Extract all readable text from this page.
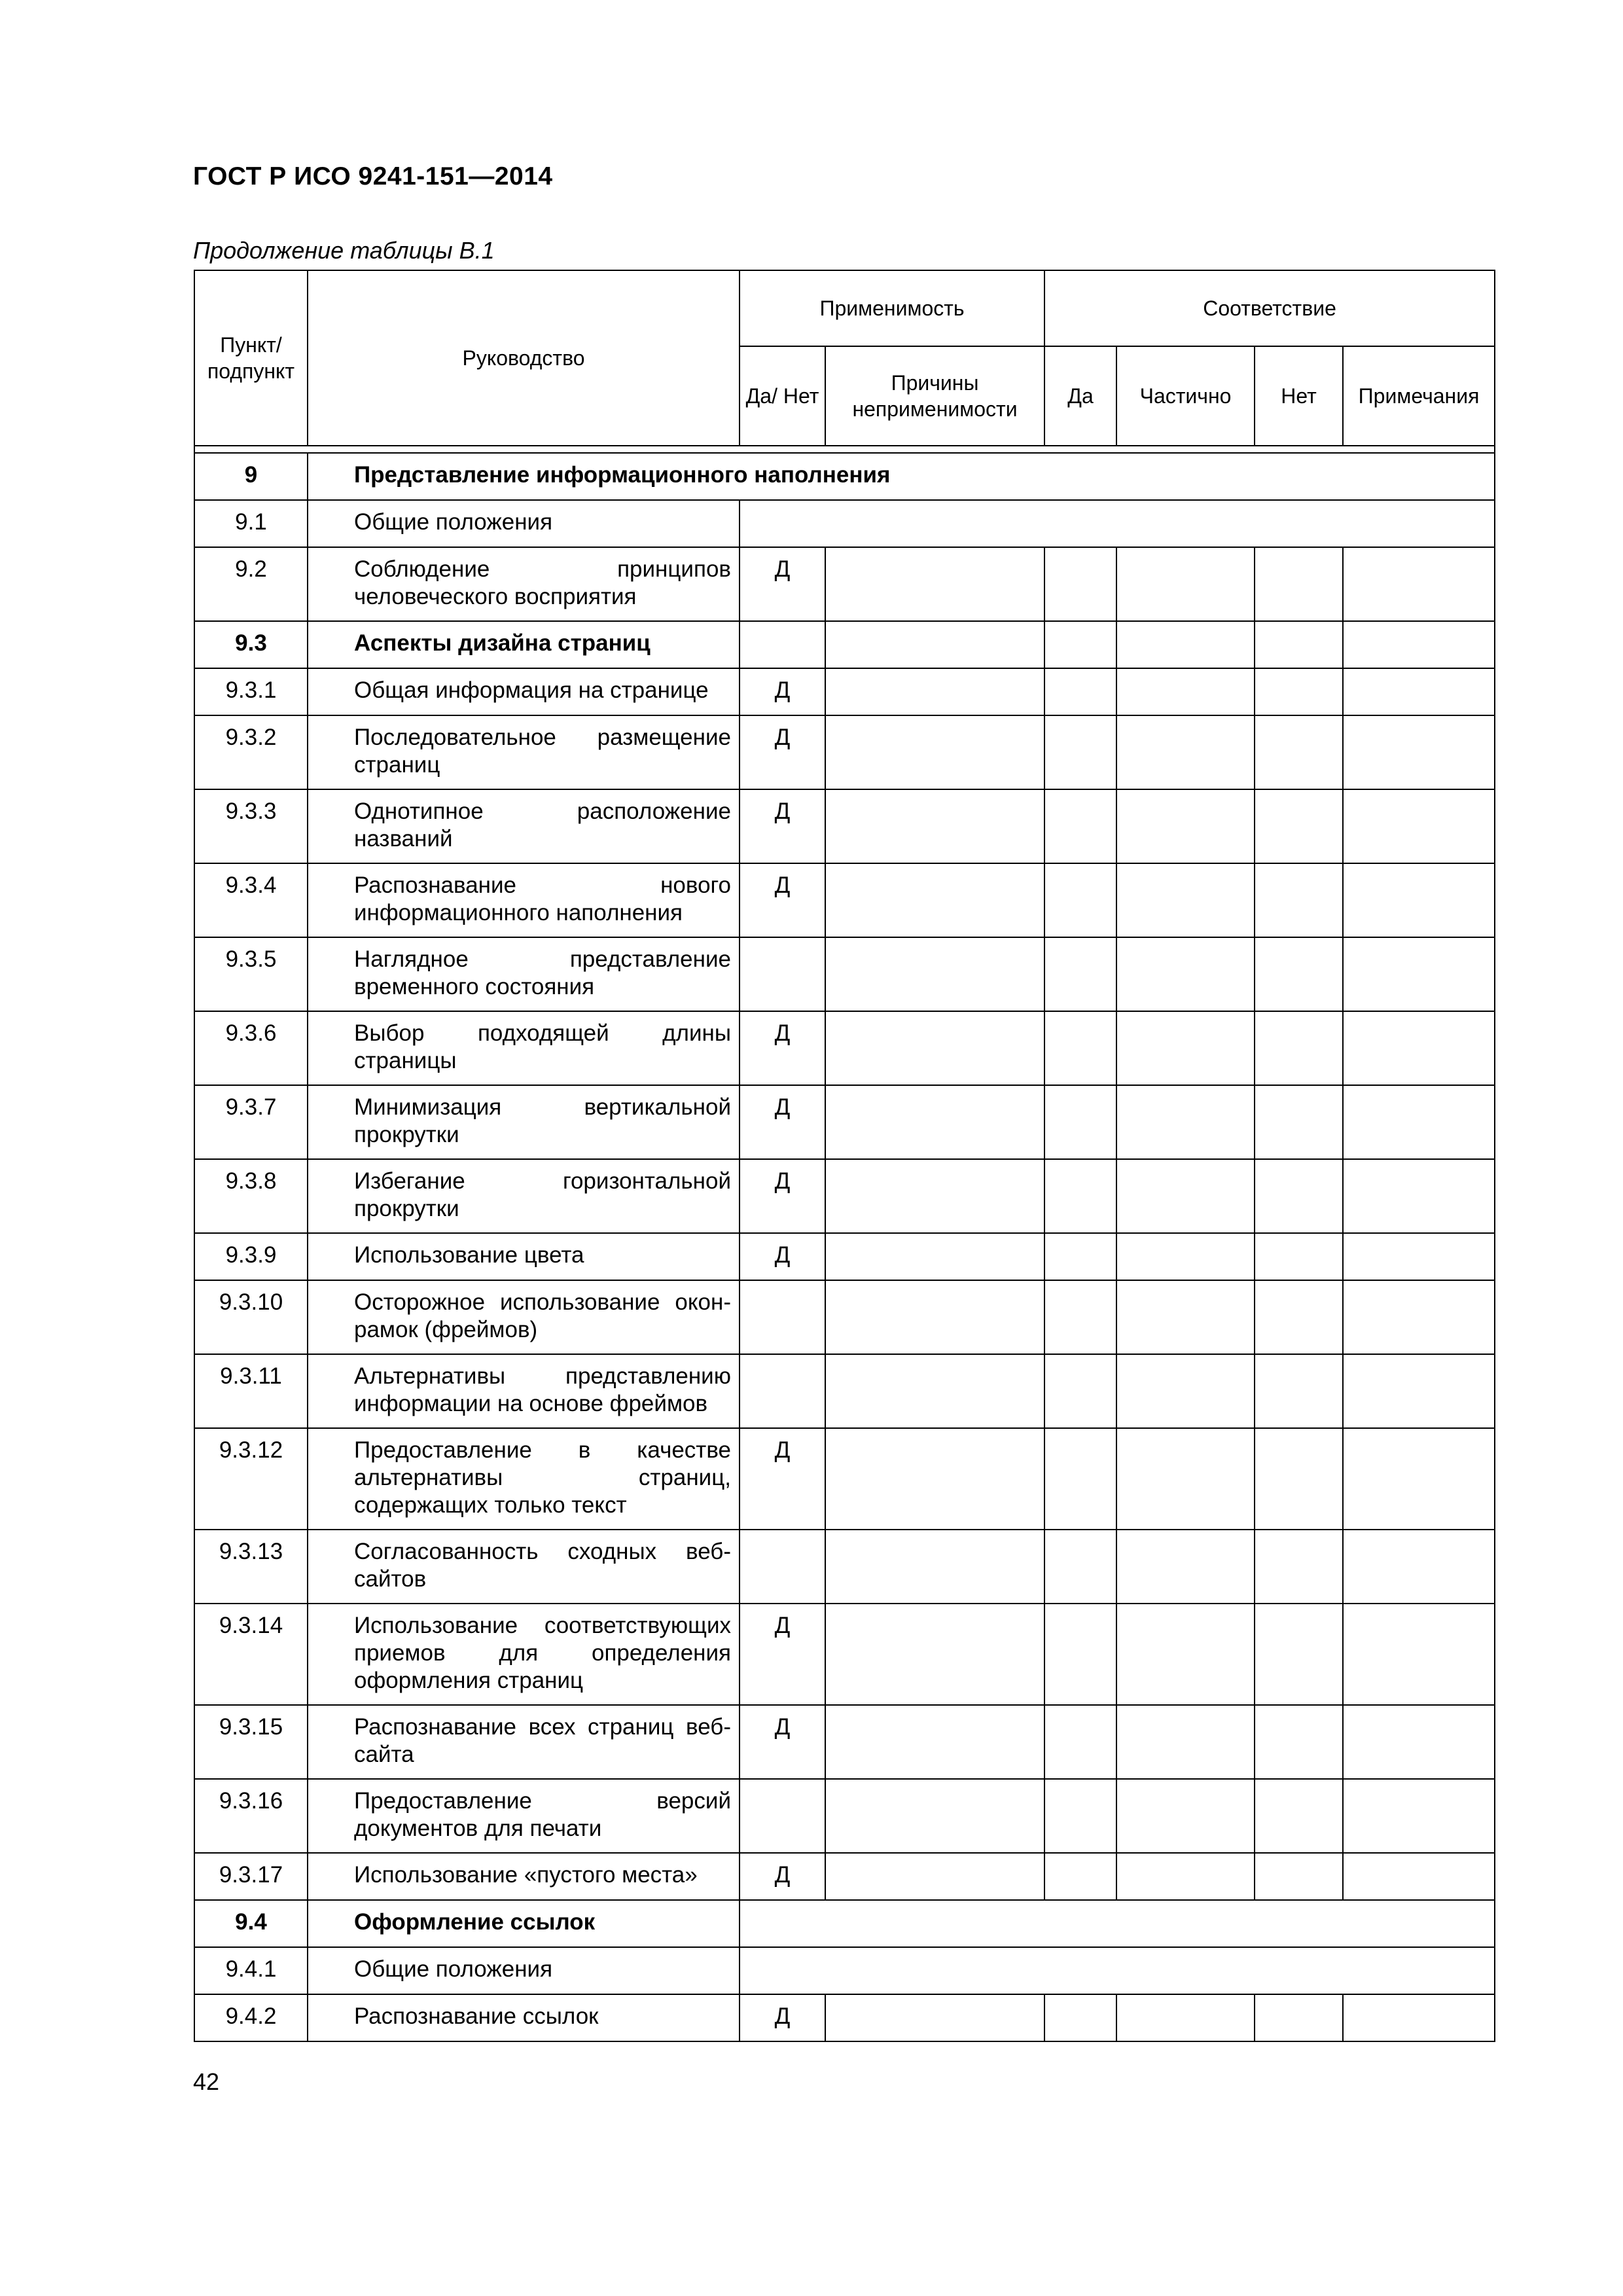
ГОСТ Р ИСО 9241-151—2014
Продолжение таблицы В.1
Пункт/ подпункт	Руководство	Применимость		Соответствие			
		Да/ Нет	Причины неприменимости	Да	Частично	Нет	Примечания

9	Представление информационного наполнения						

9.1	Общие положения						

9.2	Соблюдение принципов человеческого восприятия	Д					
9.3	Аспекты дизайна страниц						

9.3.1	Общая информация на странице	Д					
9.3.2	Последовательное размещение страниц	Д					
9.3.3	Однотипное расположение названий	Д					
9.3.4	Распознавание нового информационного наполнения	Д					
9.3.5	Наглядное представление временного состояния						

9.3.6	Выбор подходящей длины страницы	Д					
9.3.7	Минимизация вертикальной прокрутки	Д					
9.3.8	Избегание горизонтальной прокрутки	Д					
9.3.9	Использование цвета	Д					
9.3.10	Осторожное использование окон-рамок (фреймов)						

9.3.11	Альтернативы представлению информации на основе фреймов						

9.3.12	Предоставление в качестве альтернативы страниц, содержащих только текст	Д					
9.3.13	Согласованность сходных веб-сайтов						

9.3.14	Использование соответствующих приемов для определения оформления страниц	Д					
9.3.15	Распознавание всех страниц веб-сайта	Д					
9.3.16	Предоставление версий документов для печати						

9.3.17	Использование «пустого места»	Д					
9.4	Оформление ссылок						

9.4.1	Общие положения						

9.4.2	Распознавание ссылок	Д					
42
